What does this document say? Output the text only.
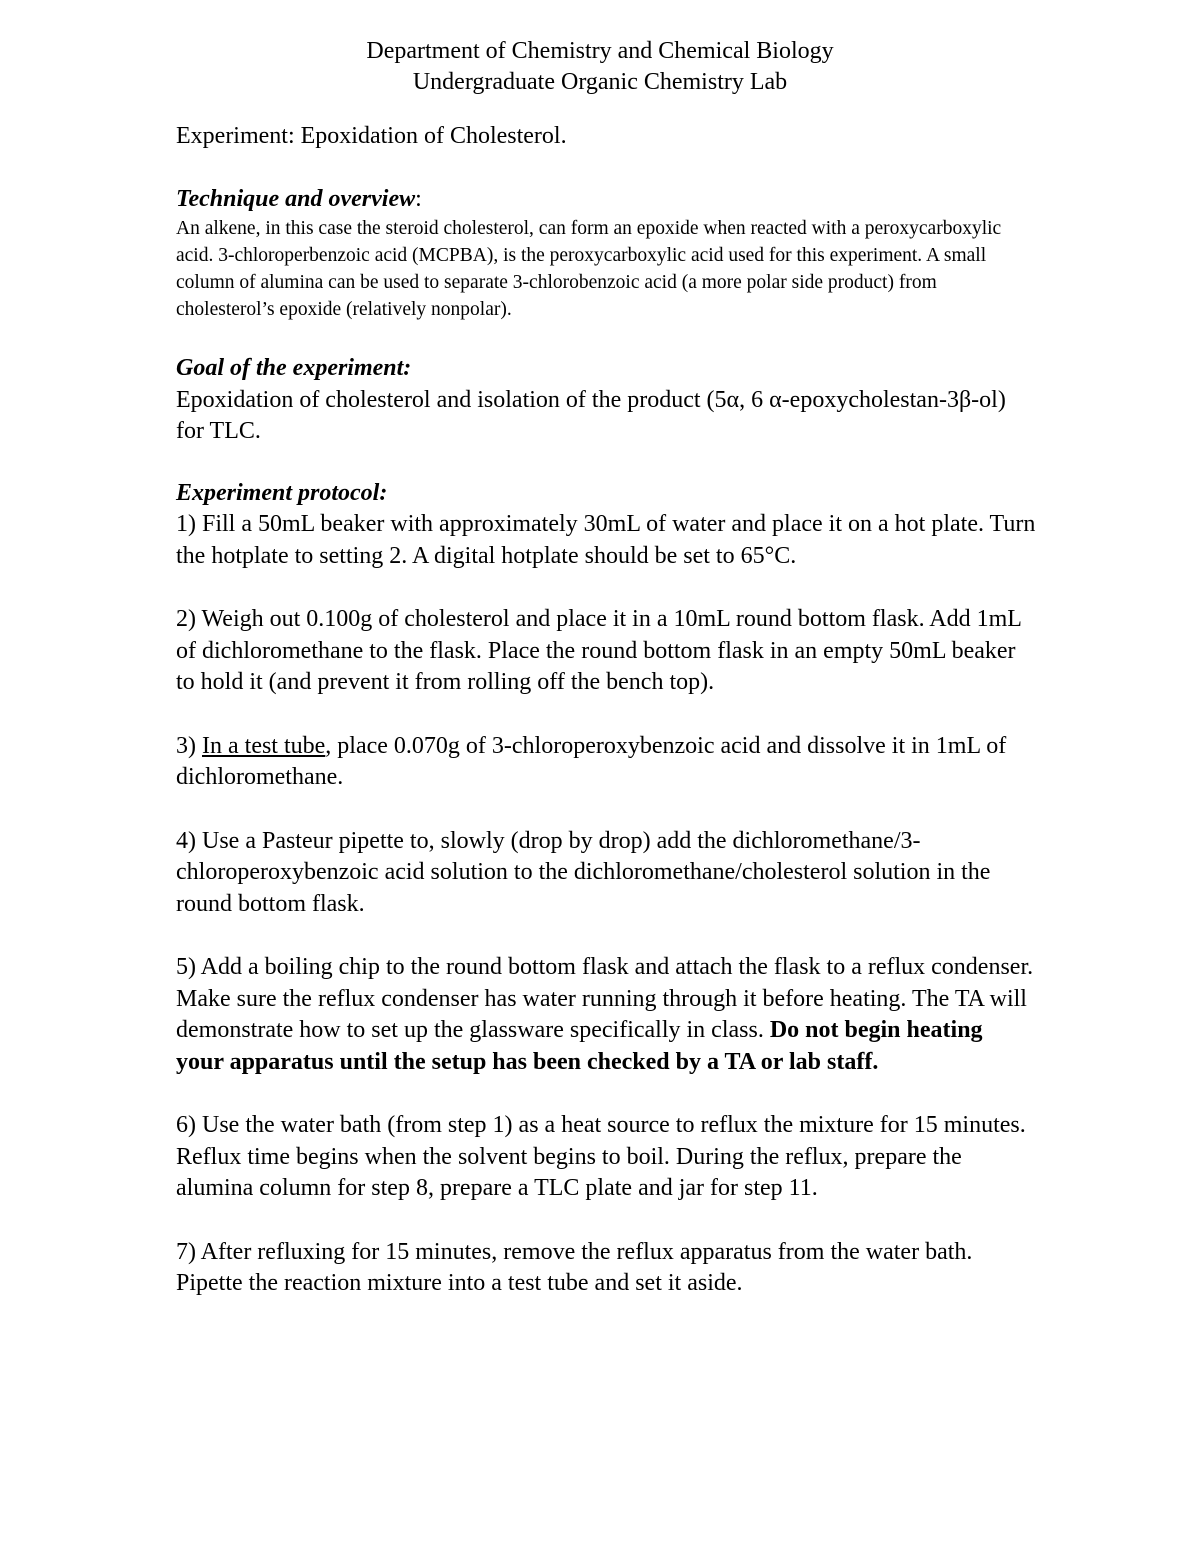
Department of Chemistry and Chemical Biology
Undergraduate Organic Chemistry Lab

Experiment: Epoxidation of Cholesterol.

Technique and overview:

An alkene, in this case the steroid cholesterol, can form an epoxide when reacted with a peroxycarboxylic acid. 3-chloroperbenzoic acid (MCPBA), is the peroxycarboxylic acid used for this experiment. A small column of alumina can be used to separate 3-chlorobenzoic acid (a more polar side product) from cholesterol’s epoxide (relatively nonpolar).

Goal of the experiment:

Epoxidation of cholesterol and isolation of the product (5α, 6 α-epoxycholestan-3β-ol) for TLC.

Experiment protocol:

1) Fill a 50mL beaker with approximately 30mL of water and place it on a hot plate. Turn the hotplate to setting 2. A digital hotplate should be set to 65°C.

2) Weigh out 0.100g of cholesterol and place it in a 10mL round bottom flask. Add 1mL of dichloromethane to the flask. Place the round bottom flask in an empty 50mL beaker to hold it (and prevent it from rolling off the bench top).

3) In a test tube, place 0.070g of 3-chloroperoxybenzoic acid and dissolve it in 1mL of dichloromethane.

4) Use a Pasteur pipette to, slowly (drop by drop) add the dichloromethane/3-chloroperoxybenzoic acid solution to the dichloromethane/cholesterol solution in the round bottom flask.

5) Add a boiling chip to the round bottom flask and attach the flask to a reflux condenser. Make sure the reflux condenser has water running through it before heating. The TA will demonstrate how to set up the glassware specifically in class. Do not begin heating your apparatus until the setup has been checked by a TA or lab staff.

6) Use the water bath (from step 1) as a heat source to reflux the mixture for 15 minutes. Reflux time begins when the solvent begins to boil. During the reflux, prepare the alumina column for step 8, prepare a TLC plate and jar for step 11.

7) After refluxing for 15 minutes, remove the reflux apparatus from the water bath. Pipette the reaction mixture into a test tube and set it aside.
